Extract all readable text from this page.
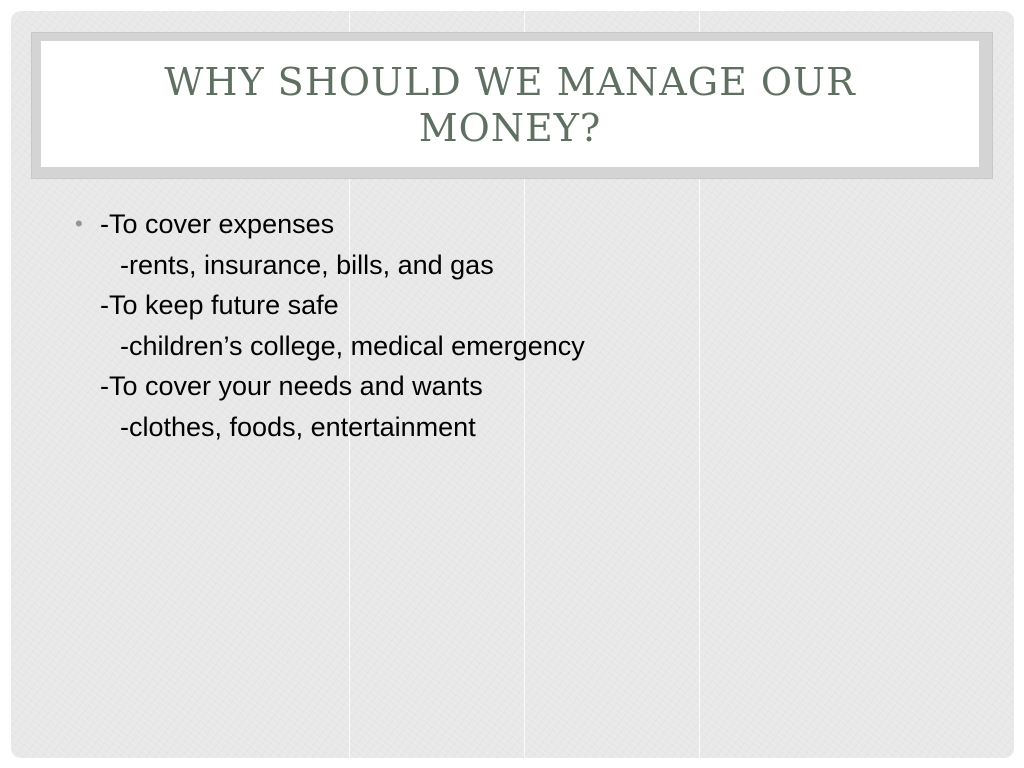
WHY SHOULD WE MANAGE OUR MONEY?
• -To cover expenses
-rents, insurance, bills, and gas
-To keep future safe
-children’s college, medical emergency
-To cover your needs and wants
-clothes, foods, entertainment
